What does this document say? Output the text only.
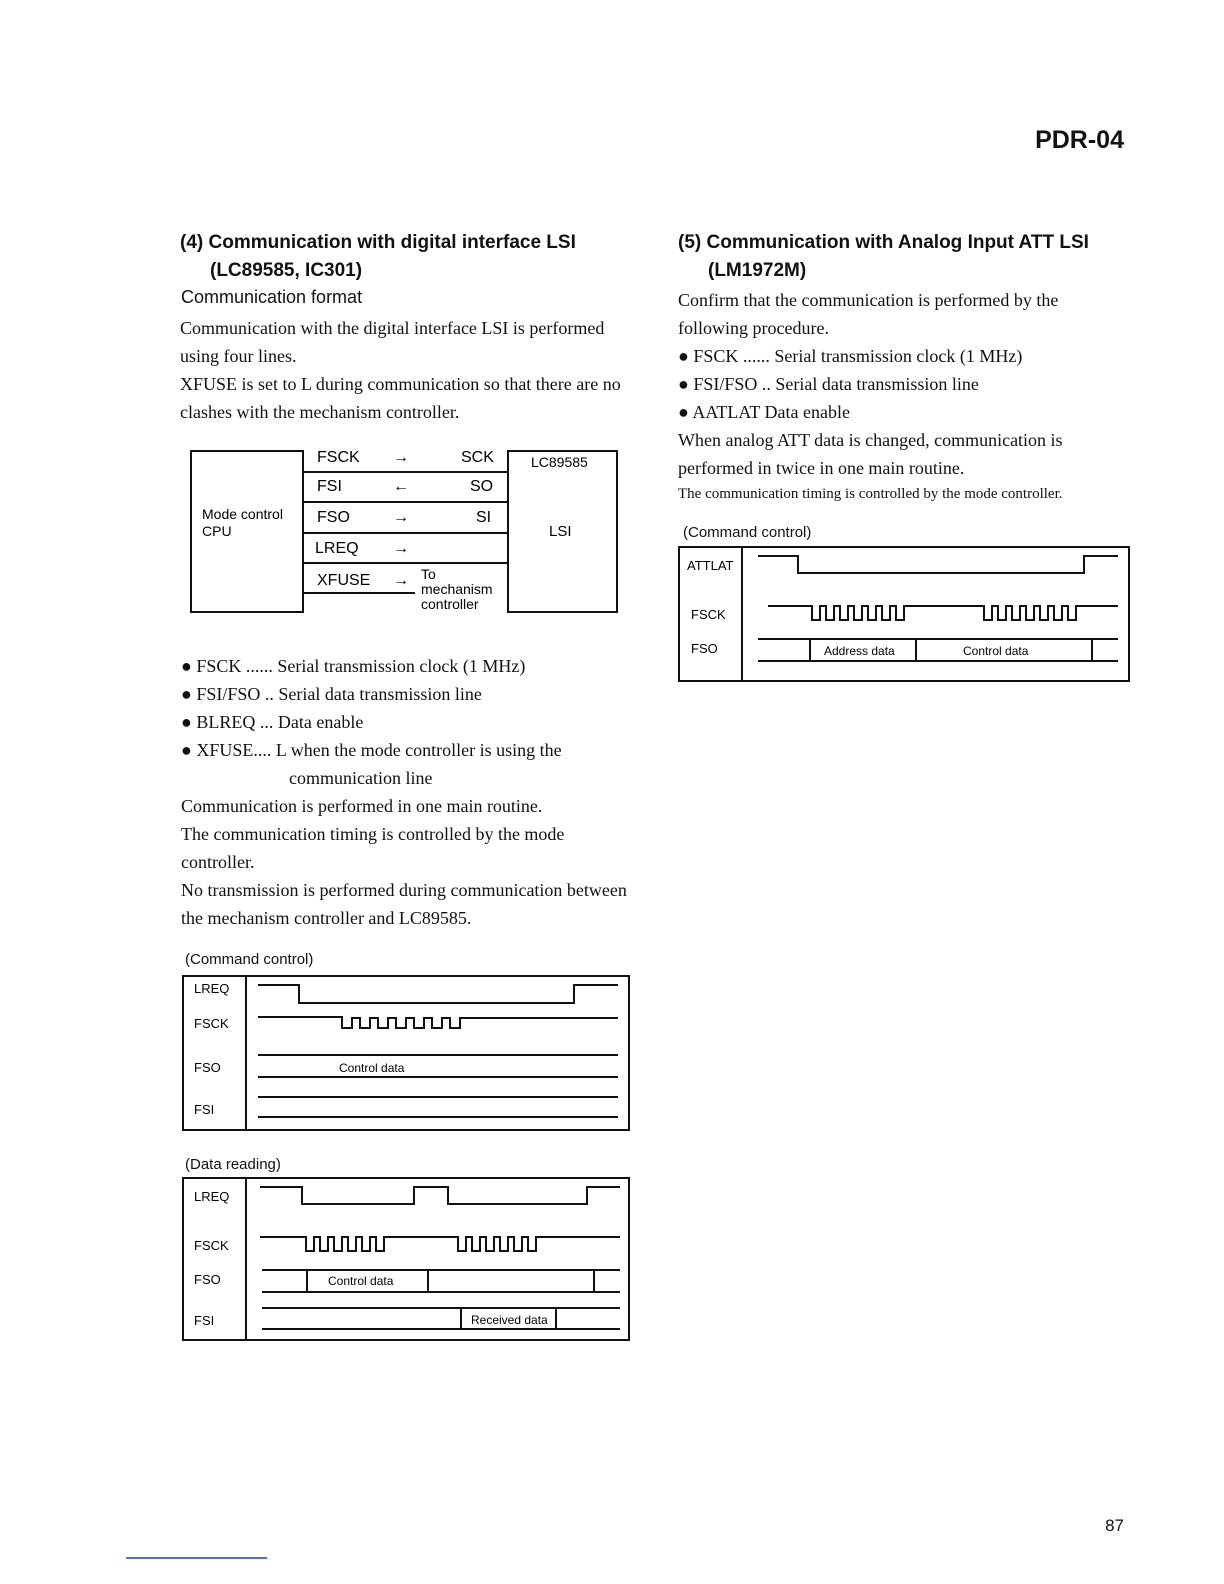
PDR-04
(4) Communication with digital interface LSI
(LC89585, IC301)
Communication format
Communication with the digital interface LSI is performed
using four lines.
XFUSE is set to L during communication so that there are no
clashes with the mechanism controller.
Mode control
CPU
LC89585
LSI
FSCK
FSI
FSO
LREQ
XFUSE
→
←
→
→
→
SCK
SO
SI
To
mechanism
controller
● FSCK ...... Serial transmission clock (1 MHz)
● FSI/FSO .. Serial data transmission line
● BLREQ ... Data enable
● XFUSE.... L when the mode controller is using the
communication line
Communication is performed in one main routine.
The communication timing is controlled by the mode
controller.
No transmission is performed during communication between
the mechanism controller and LC89585.
(Command control)
LREQ
FSCK
FSO
FSI
Control data
(Data reading)
LREQ
FSCK
FSO
FSI
Control data
Received data
(5) Communication with Analog Input ATT LSI
(LM1972M)
Confirm that the communication is performed by the
following procedure.
● FSCK ...... Serial transmission clock (1 MHz)
● FSI/FSO .. Serial data transmission line
● AATLAT Data enable
When analog ATT data is changed, communication is
performed in twice in one main routine.
The communication timing is controlled by the mode controller.
(Command control)
ATTLAT
FSCK
FSO	Address data	Control data
87
